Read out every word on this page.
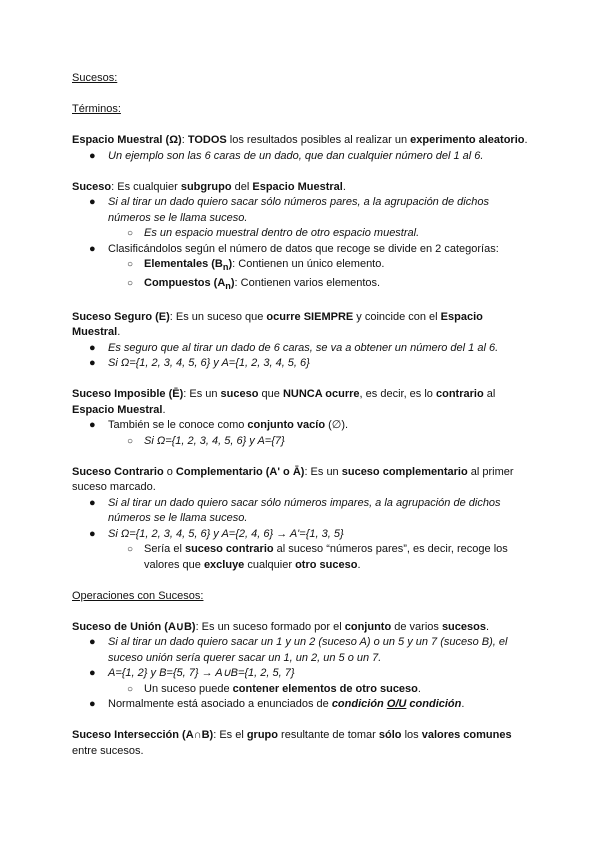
Sucesos:

Términos:

Espacio Muestral (Ω): TODOS los resultados posibles al realizar un experimento aleatorio.

● Un ejemplo son las 6 caras de un dado, que dan cualquier número del 1 al 6.

Suceso: Es cualquier subgrupo del Espacio Muestral.

● Si al tirar un dado quiero sacar sólo números pares, a la agrupación de dichos números se le llama suceso.
○ Es un espacio muestral dentro de otro espacio muestral.
● Clasificándolos según el número de datos que recoge se divide en 2 categorías:
○ Elementales $(B_n)$: Contienen un único elemento.
○ Compuestos $(A_n)$: Contienen varios elementos.

Suceso Seguro (E): Es un suceso que ocurre SIEMPRE y coincide con el Espacio Muestral.

● Es seguro que al tirar un dado de 6 caras, se va a obtener un número del 1 al 6.
● Si Ω={1, 2, 3, 4, 5, 6} y A={1, 2, 3, 4, 5, 6}

Suceso Imposible (Ē): Es un suceso que NUNCA ocurre, es decir, es lo contrario al Espacio Muestral.

● También se le conoce como conjunto vacío (∅).
○ Si Ω={1, 2, 3, 4, 5, 6} y A={7}

Suceso Contrario o Complementario (A' o Ā): Es un suceso complementario al primer suceso marcado.

● Si al tirar un dado quiero sacar sólo números impares, a la agrupación de dichos números se le llama suceso.
● Si Ω={1, 2, 3, 4, 5, 6} y A={2, 4, 6} → A'={1, 3, 5}
○ Sería el suceso contrario al suceso “números pares”, es decir, recoge los valores que excluye cualquier otro suceso.

Operaciones con Sucesos:

Suceso de Unión (A∪B): Es un suceso formado por el conjunto de varios sucesos.

● Si al tirar un dado quiero sacar un 1 y un 2 (suceso A) o un 5 y un 7 (suceso B), el suceso unión sería querer sacar un 1, un 2, un 5 o un 7.
● A={1, 2} y B={5, 7} → A∪B={1, 2, 5, 7}
○ Un suceso puede contener elementos de otro suceso.
● Normalmente está asociado a enunciados de condición O/U condición.

Suceso Intersección (A∩B): Es el grupo resultante de tomar sólo los valores comunes entre sucesos.
